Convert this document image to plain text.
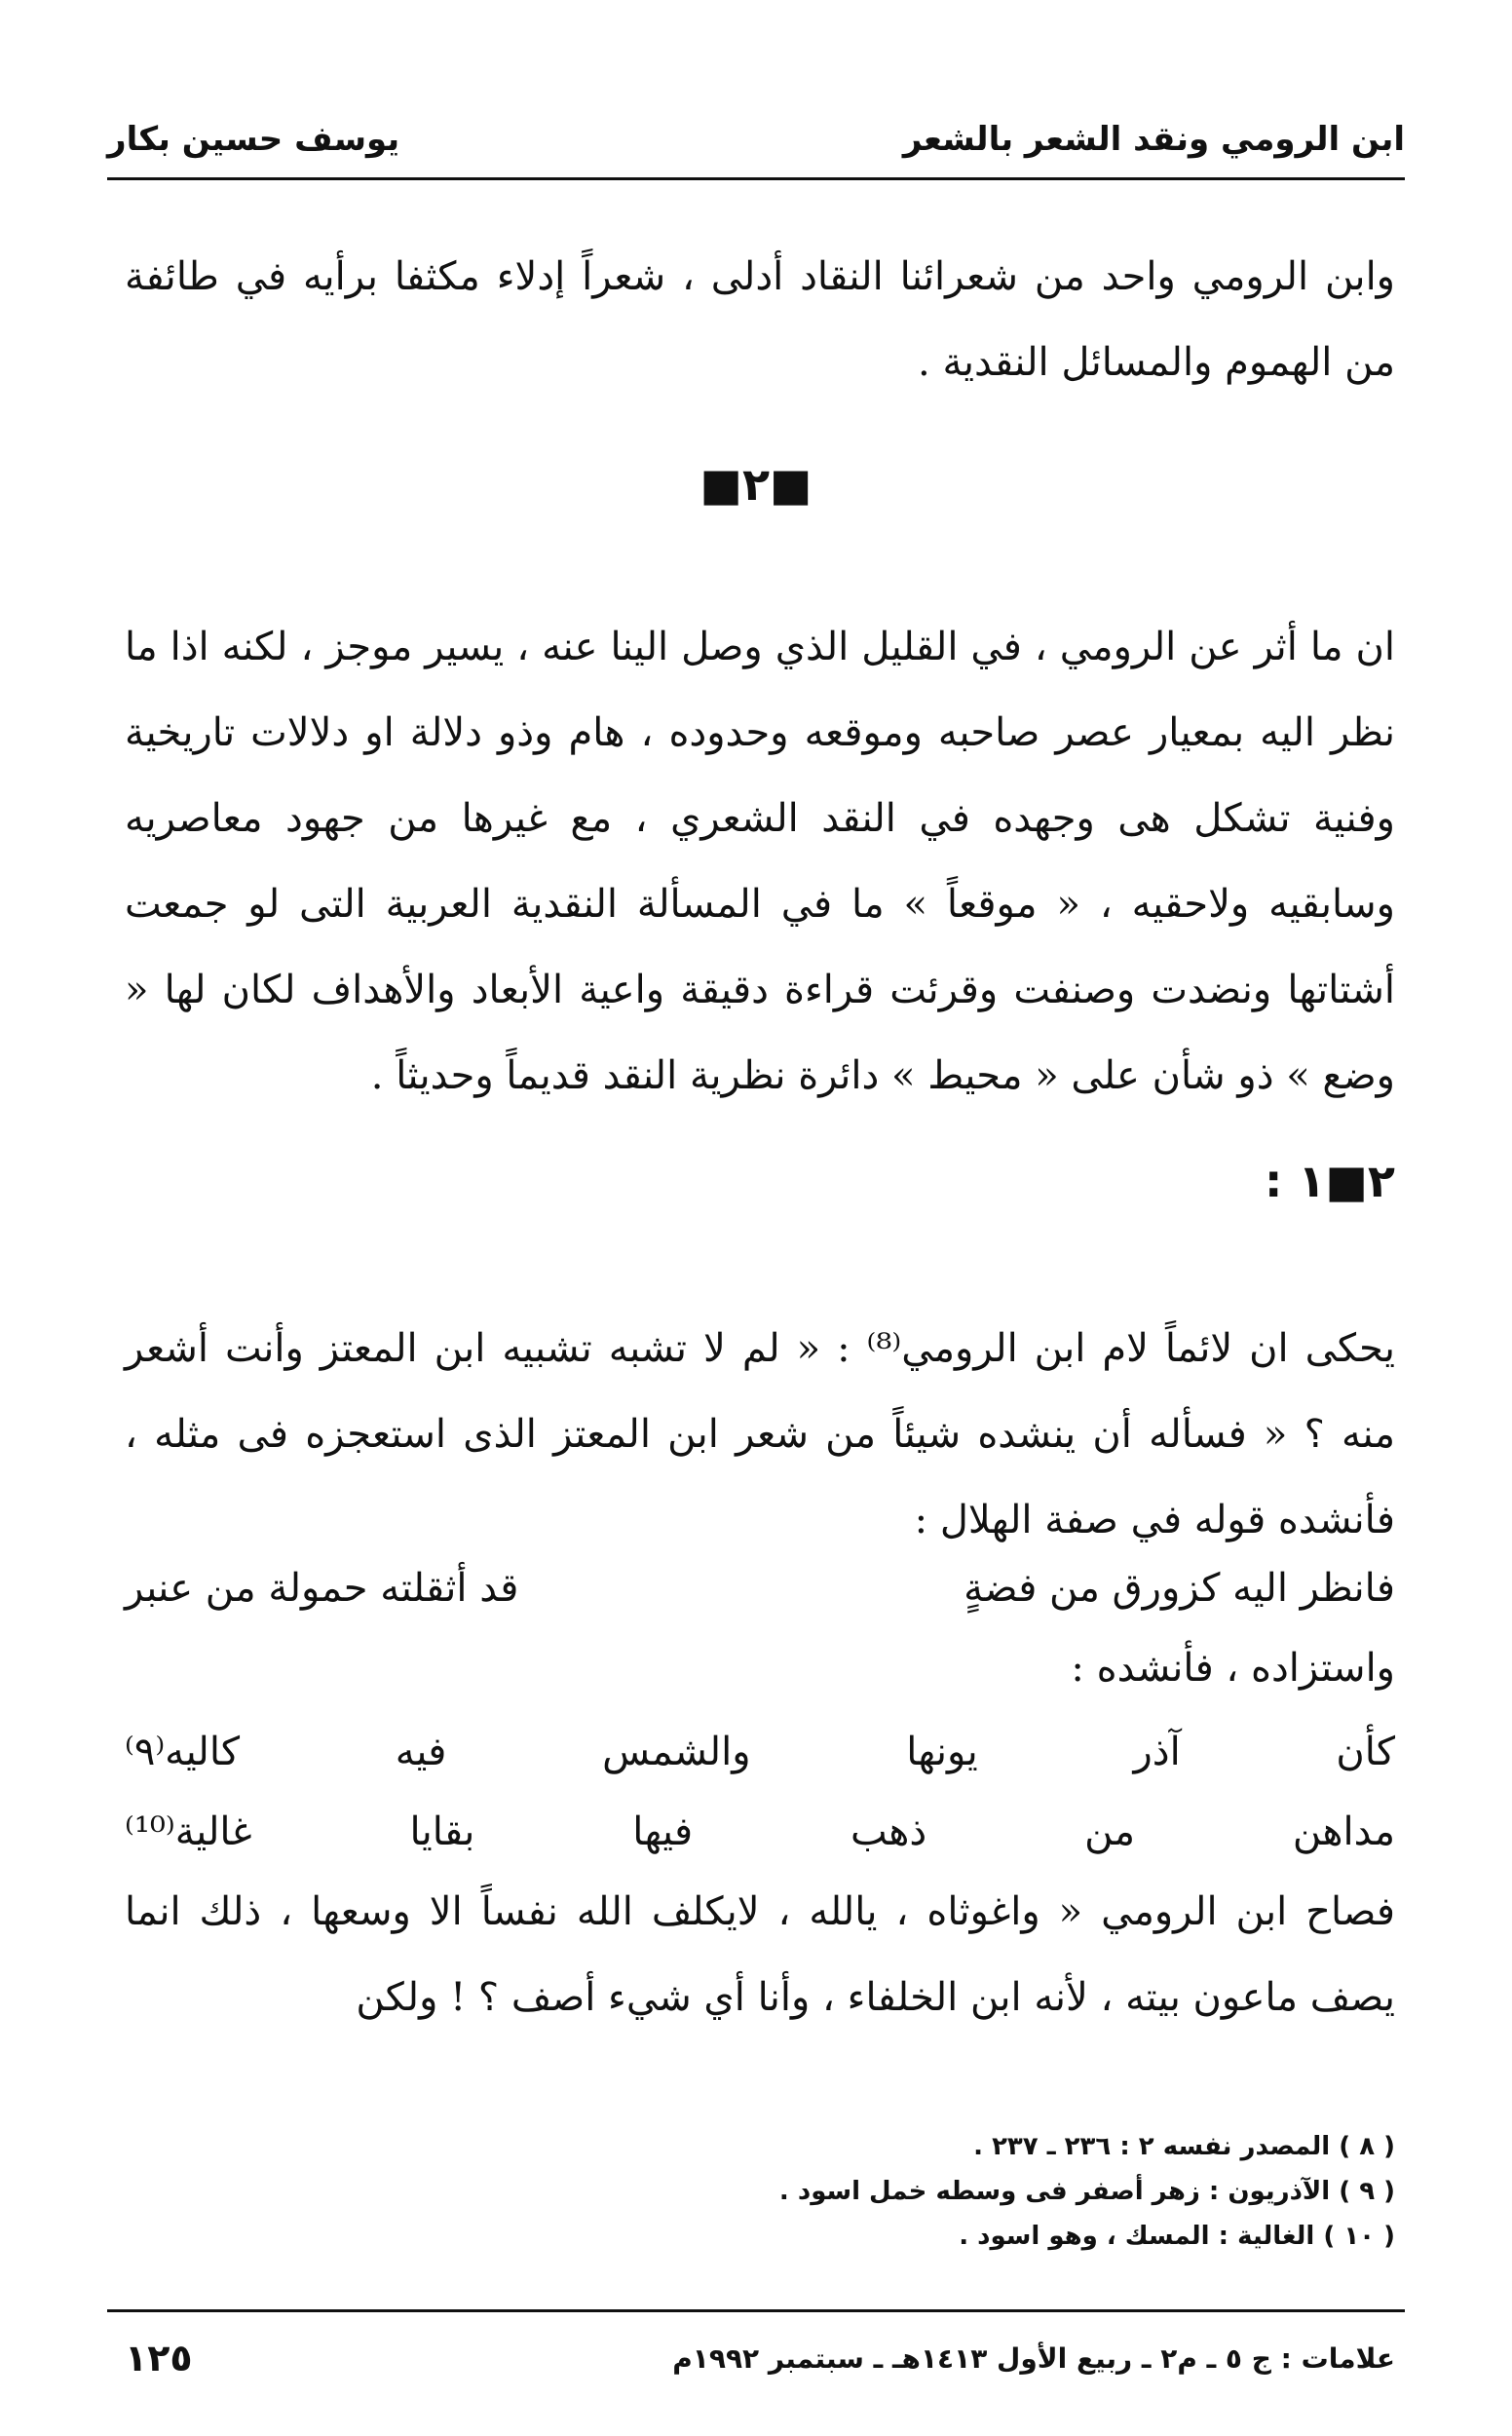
ابن الرومي ونقد الشعر بالشعر
يوسف حسين بكار

وابن الرومي واحد من شعرائنا النقاد أدلى ، شعراً إدلاء مكثفا برأيه في طائفة من الهموم والمسائل النقدية .

■٢■

ان ما أثر عن الرومي ، في القليل الذي وصل الينا عنه ، يسير موجز ، لكنه اذا ما نظر اليه بمعيار عصر صاحبه وموقعه وحدوده ، هام وذو دلالة او دلالات تاريخية وفنية تشكل هى وجهده في النقد الشعري ، مع غيرها من جهود معاصريه وسابقيه ولاحقيه ، « موقعاً » ما في المسألة النقدية العربية التى لو جمعت أشتاتها ونضدت وصنفت وقرئت قراءة دقيقة واعية الأبعاد والأهداف لكان لها « وضع » ذو شأن على « محيط » دائرة نظرية النقد قديماً وحديثاً .

٢■١ :

يحكى ان لائماً لام ابن الرومي⁽⁸⁾ : « لم لا تشبه تشبيه ابن المعتز وأنت أشعر منه ؟ « فسأله أن ينشده شيئاً من شعر ابن المعتز الذى استعجزه فى مثله ، فأنشده قوله في صفة الهلال :

فانظر اليه كزورق من فضةٍ
قد أثقلته حمولة من عنبر

واستزاده ، فأنشده :

كأن
آذر
يونها
والشمس
فيه
كاليه⁽٩⁾
مداهن
من
ذهب
فيها
بقايا
غالية⁽¹⁰⁾

فصاح ابن الرومي « واغوثاه ، يالله ، لايكلف الله نفساً الا وسعها ، ذلك انما يصف ماعون بيته ، لأنه ابن الخلفاء ، وأنا أي شيء أصف ؟ ! ولكن

( ٨ ) المصدر نفسه ٢ : ٢٣٦ ـ ٢٣٧ .
( ٩ ) الآذريون : زهر أصفر فى وسطه خمل اسود .
( ١٠ ) الغالية : المسك ، وهو اسود .
علامات : ج ٥ ـ م٢ ـ ربيع الأول ١٤١٣هـ ـ سبتمبر ١٩٩٢م
١٢٥
